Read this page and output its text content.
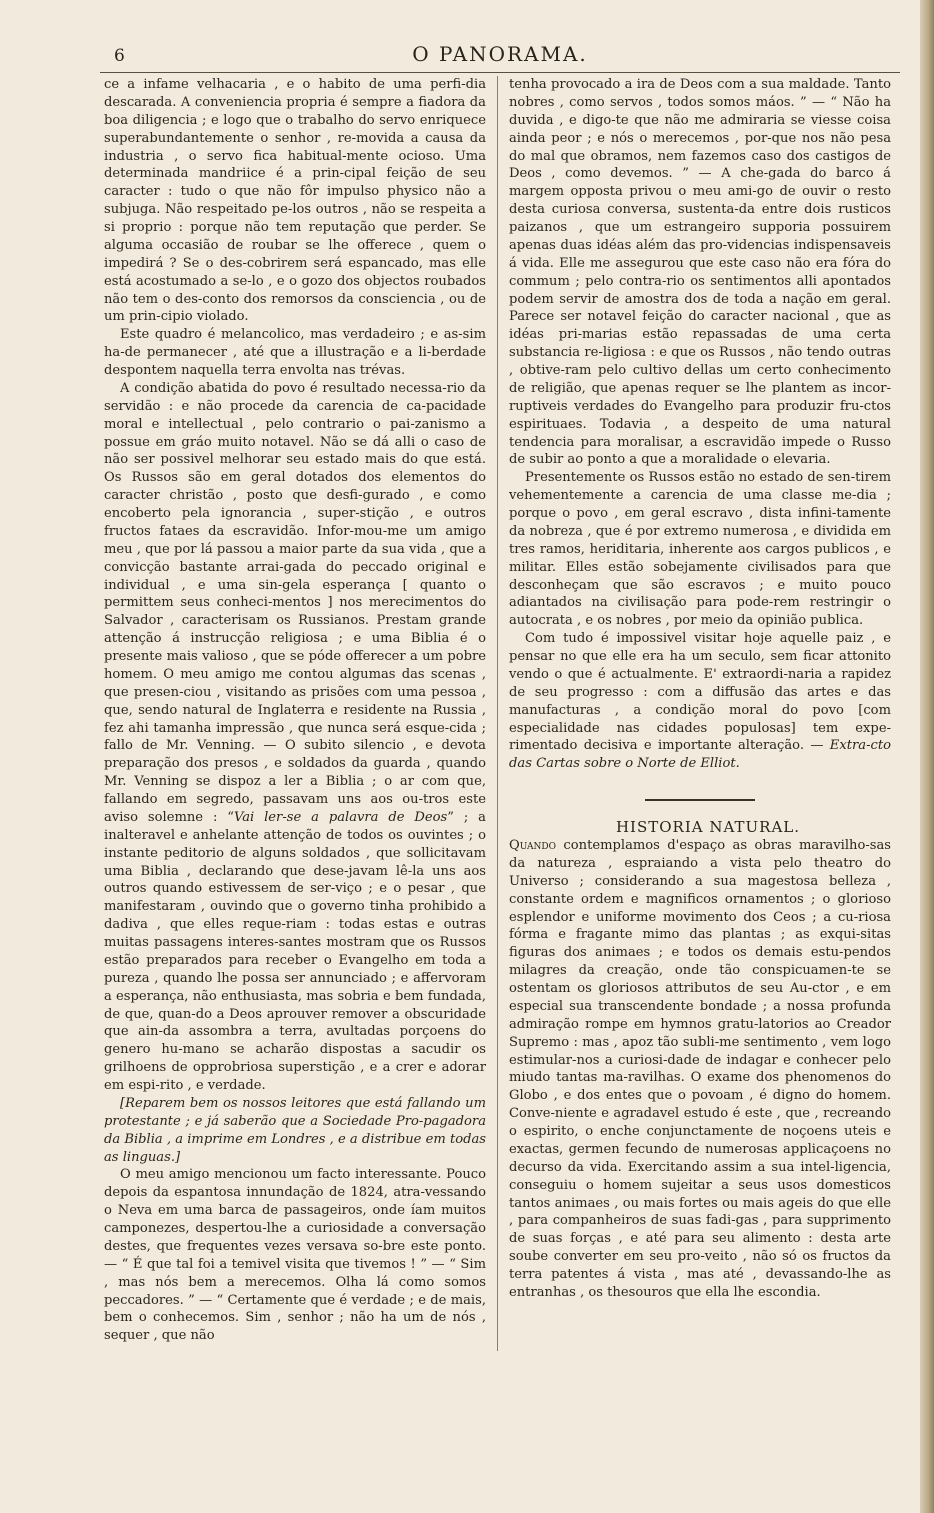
6	O PANORAMA.

ce a infame velhacaria , e o habito de uma perfi-dia descarada. A conveniencia propria é sempre a fiadora da boa diligencia ; e logo que o trabalho do servo enriquece superabundantemente o senhor , re-movida a causa da industria , o servo fica habitual-mente ocioso. Uma determinada mandriice é a prin-cipal feição de seu caracter : tudo o que não fôr impulso physico não a subjuga. Não respeitado pe-los outros , não se respeita a si proprio : porque não tem reputação que perder. Se alguma occasião de roubar se lhe offerece , quem o impedirá ? Se o des-cobrirem será espancado, mas elle está acostumado a se-lo , e o gozo dos objectos roubados não tem o des-conto dos remorsos da consciencia , ou de um prin-cipio violado.

Este quadro é melancolico, mas verdadeiro ; e as-sim ha-de permanecer , até que a illustração e a li-berdade despontem naquella terra envolta nas trévas.

A condição abatida do povo é resultado necessa-rio da servidão : e não procede da carencia de ca-pacidade moral e intellectual , pelo contrario o pai-zanismo a possue em gráo muito notavel. Não se dá alli o caso de não ser possivel melhorar seu estado mais do que está. Os Russos são em geral dotados dos elementos do caracter christão , posto que desfi-gurado , e como encoberto pela ignorancia , super-stição , e outros fructos fataes da escravidão. Infor-mou-me um amigo meu , que por lá passou a maior parte da sua vida , que a convicção bastante arrai-gada do peccado original e individual , e uma sin-gela esperança [ quanto o permittem seus conheci-mentos ] nos merecimentos do Salvador , caracterisam os Russianos. Prestam grande attenção á instrucção religiosa ; e uma Biblia é o presente mais valioso , que se póde offerecer a um pobre homem. O meu amigo me contou algumas das scenas , que presen-ciou , visitando as prisões com uma pessoa , que, sendo natural de Inglaterra e residente na Russia , fez ahi tamanha impressão , que nunca será esque-cida ; fallo de Mr. Venning. — O subito silencio , e devota preparação dos presos , e soldados da guarda , quando Mr. Venning se dispoz a ler a Biblia ; o ar com que, fallando em segredo, passavam uns aos ou-tros este aviso solemne : “Vai ler-se a palavra de Deos” ; a inalteravel e anhelante attenção de todos os ouvintes ; o instante peditorio de alguns soldados , que sollicitavam uma Biblia , declarando que dese-javam lê-la uns aos outros quando estivessem de ser-viço ; e o pesar , que manifestaram , ouvindo que o governo tinha prohibido a dadiva , que elles reque-riam : todas estas e outras muitas passagens interes-santes mostram que os Russos estão preparados para receber o Evangelho em toda a pureza , quando lhe possa ser annunciado ; e affervoram a esperança, não enthusiasta, mas sobria e bem fundada, de que, quan-do a Deos aprouver remover a obscuridade que ain-da assombra a terra, avultadas porçoens do genero hu-mano se acharão dispostas a sacudir os grilhoens de opprobriosa superstição , e a crer e adorar em espi-rito , e verdade.

[Reparem bem os nossos leitores que está fallando um protestante ; e já saberão que a Sociedade Pro-pagadora da Biblia , a imprime em Londres , e a distribue em todas as linguas.]

O meu amigo mencionou um facto interessante. Pouco depois da espantosa innundação de 1824, atra-vessando o Neva em uma barca de passageiros, onde íam muitos camponezes, despertou-lhe a curiosidade a conversação destes, que frequentes vezes versava so-bre este ponto. — “ É que tal foi a temivel visita que tivemos ! ” — “ Sim , mas nós bem a merecemos. Olha lá como somos peccadores. ” — “ Certamente que é verdade ; e de mais, bem o conhecemos. Sim , senhor ; não ha um de nós , sequer , que não

tenha provocado a ira de Deos com a sua maldade. Tanto nobres , como servos , todos somos máos. ” — “ Não ha duvida , e digo-te que não me admiraria se viesse coisa ainda peor ; e nós o merecemos , por-que nos não pesa do mal que obramos, nem fazemos caso dos castigos de Deos , como devemos. ” — A che-gada do barco á margem opposta privou o meu ami-go de ouvir o resto desta curiosa conversa, sustenta-da entre dois rusticos paizanos , que um estrangeiro supporia possuirem apenas duas idéas além das pro-videncias indispensaveis á vida. Elle me assegurou que este caso não era fóra do commum ; pelo contra-rio os sentimentos alli apontados podem servir de amostra dos de toda a nação em geral. Parece ser notavel feição do caracter nacional , que as idéas pri-marias estão repassadas de uma certa substancia re-ligiosa : e que os Russos , não tendo outras , obtive-ram pelo cultivo dellas um certo conhecimento de religião, que apenas requer se lhe plantem as incor-ruptiveis verdades do Evangelho para produzir fru-ctos espirituaes. Todavia , a despeito de uma natural tendencia para moralisar, a escravidão impede o Russo de subir ao ponto a que a moralidade o elevaria.

Presentemente os Russos estão no estado de sen-tirem vehementemente a carencia de uma classe me-dia ; porque o povo , em geral escravo , dista infini-tamente da nobreza , que é por extremo numerosa , e dividida em tres ramos, heriditaria, inherente aos cargos publicos , e militar. Elles estão sobejamente civilisados para que desconheçam que são escravos ; e muito pouco adiantados na civilisação para pode-rem restringir o autocrata , e os nobres , por meio da opinião publica.

Com tudo é impossivel visitar hoje aquelle paiz , e pensar no que elle era ha um seculo, sem ficar attonito vendo o que é actualmente. E' extraordi-naria a rapidez de seu progresso : com a diffusão das artes e das manufacturas , a condição moral do povo [com especialidade nas cidades populosas] tem expe-rimentado decisiva e importante alteração. — Extra-cto das Cartas sobre o Norte de Elliot.

HISTORIA NATURAL.

Quando contemplamos d'espaço as obras maravilho-sas da natureza , espraiando a vista pelo theatro do Universo ; considerando a sua magestosa belleza , constante ordem e magnificos ornamentos ; o glorioso esplendor e uniforme movimento dos Ceos ; a cu-riosa fórma e fragante mimo das plantas ; as exqui-sitas figuras dos animaes ; e todos os demais estu-pendos milagres da creação, onde tão conspicuamen-te se ostentam os gloriosos attributos de seu Au-ctor , e em especial sua transcendente bondade ; a nossa profunda admiração rompe em hymnos gratu-latorios ao Creador Supremo : mas , apoz tão subli-me sentimento , vem logo estimular-nos a curiosi-dade de indagar e conhecer pelo miudo tantas ma-ravilhas. O exame dos phenomenos do Globo , e dos entes que o povoam , é digno do homem. Conve-niente e agradavel estudo é este , que , recreando o espirito, o enche conjunctamente de noçoens uteis e exactas, germen fecundo de numerosas applicaçoens no decurso da vida. Exercitando assim a sua intel-ligencia, conseguiu o homem sujeitar a seus usos domesticos tantos animaes , ou mais fortes ou mais ageis do que elle , para companheiros de suas fadi-gas , para supprimento de suas forças , e até para seu alimento : desta arte soube converter em seu pro-veito , não só os fructos da terra patentes á vista , mas até , devassando-lhe as entranhas , os thesouros que ella lhe escondia.
